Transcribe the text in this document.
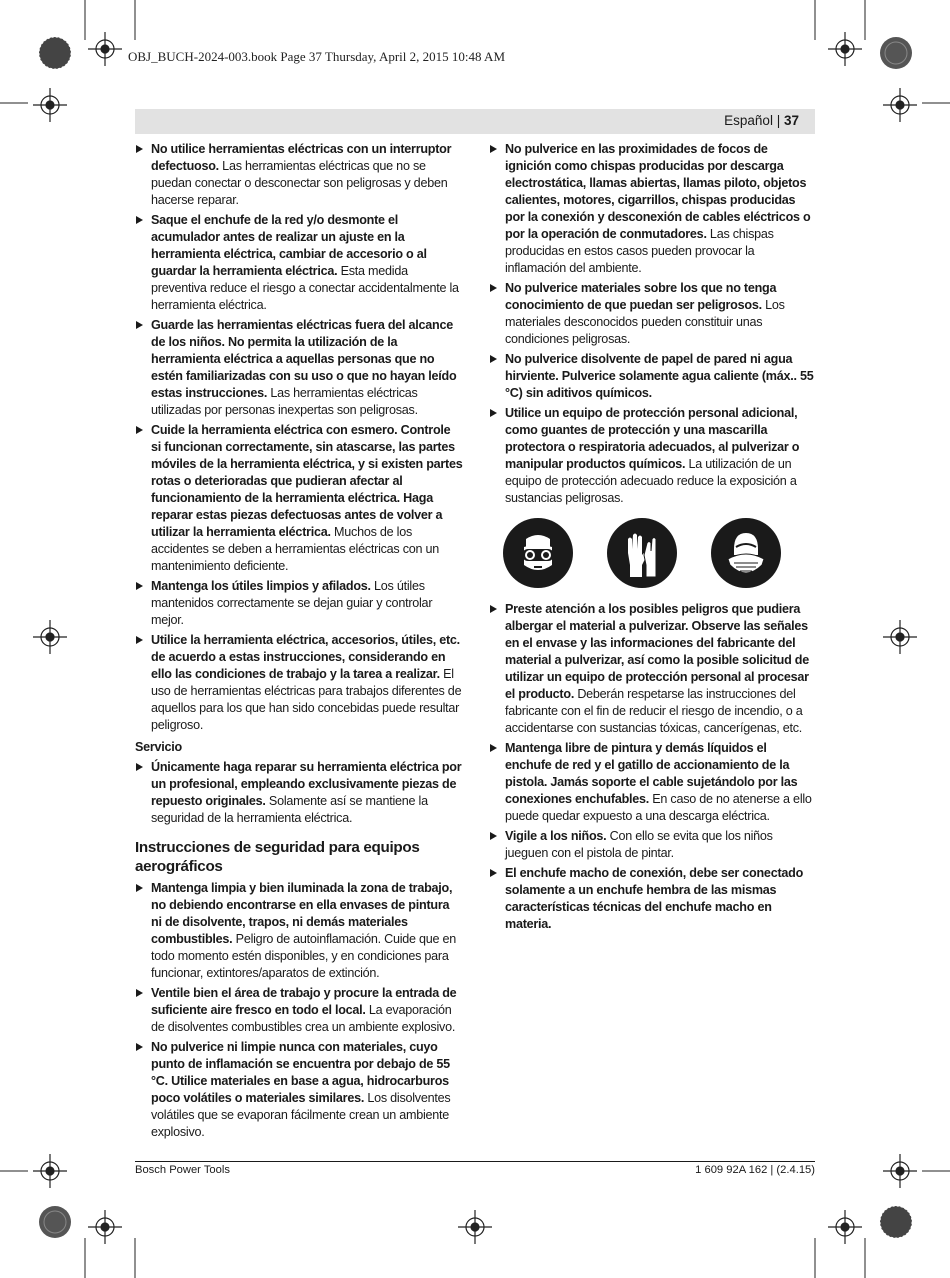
OBJ_BUCH-2024-003.book Page 37 Thursday, April 2, 2015 10:48 AM
Español | 37
No utilice herramientas eléctricas con un interruptor defectuoso. Las herramientas eléctricas que no se puedan conectar o desconectar son peligrosas y deben hacerse reparar.
Saque el enchufe de la red y/o desmonte el acumulador antes de realizar un ajuste en la herramienta eléctrica, cambiar de accesorio o al guardar la herramienta eléctrica. Esta medida preventiva reduce el riesgo a conectar accidentalmente la herramienta eléctrica.
Guarde las herramientas eléctricas fuera del alcance de los niños. No permita la utilización de la herramienta eléctrica a aquellas personas que no estén familiarizadas con su uso o que no hayan leído estas instrucciones. Las herramientas eléctricas utilizadas por personas inexpertas son peligrosas.
Cuide la herramienta eléctrica con esmero. Controle si funcionan correctamente, sin atascarse, las partes móviles de la herramienta eléctrica, y si existen partes rotas o deterioradas que pudieran afectar al funcionamiento de la herramienta eléctrica. Haga reparar estas piezas defectuosas antes de volver a utilizar la herramienta eléctrica. Muchos de los accidentes se deben a herramientas eléctricas con un mantenimiento deficiente.
Mantenga los útiles limpios y afilados. Los útiles mantenidos correctamente se dejan guiar y controlar mejor.
Utilice la herramienta eléctrica, accesorios, útiles, etc. de acuerdo a estas instrucciones, considerando en ello las condiciones de trabajo y la tarea a realizar. El uso de herramientas eléctricas para trabajos diferentes de aquellos para los que han sido concebidas puede resultar peligroso.
Servicio
Únicamente haga reparar su herramienta eléctrica por un profesional, empleando exclusivamente piezas de repuesto originales. Solamente así se mantiene la seguridad de la herramienta eléctrica.
Instrucciones de seguridad para equipos aerográficos
Mantenga limpia y bien iluminada la zona de trabajo, no debiendo encontrarse en ella envases de pintura ni de disolvente, trapos, ni demás materiales combustibles. Peligro de autoinflamación. Cuide que en todo momento estén disponibles, y en condiciones para funcionar, extintores/aparatos de extinción.
Ventile bien el área de trabajo y procure la entrada de suficiente aire fresco en todo el local. La evaporación de disolventes combustibles crea un ambiente explosivo.
No pulverice ni limpie nunca con materiales, cuyo punto de inflamación se encuentra por debajo de 55 °C. Utilice materiales en base a agua, hidrocarburos poco volátiles o materiales similares. Los disolventes volátiles que se evaporan fácilmente crean un ambiente explosivo.
No pulverice en las proximidades de focos de ignición como chispas producidas por descarga electrostática, llamas abiertas, llamas piloto, objetos calientes, motores, cigarrillos, chispas producidas por la conexión y desconexión de cables eléctricos o por la operación de conmutadores. Las chispas producidas en estos casos pueden provocar la inflamación del ambiente.
No pulverice materiales sobre los que no tenga conocimiento de que puedan ser peligrosos. Los materiales desconocidos pueden constituir unas condiciones peligrosas.
No pulverice disolvente de papel de pared ni agua hirviente. Pulverice solamente agua caliente (máx.. 55 °C) sin aditivos químicos.
Utilice un equipo de protección personal adicional, como guantes de protección y una mascarilla protectora o respiratoria adecuados, al pulverizar o manipular productos químicos. La utilización de un equipo de protección adecuado reduce la exposición a sustancias peligrosas.
Preste atención a los posibles peligros que pudiera albergar el material a pulverizar. Observe las señales en el envase y las informaciones del fabricante del material a pulverizar, así como la posible solicitud de utilizar un equipo de protección personal al procesar el producto. Deberán respetarse las instrucciones del fabricante con el fin de reducir el riesgo de incendio, o a accidentarse con sustancias tóxicas, cancerígenas, etc.
Mantenga libre de pintura y demás líquidos el enchufe de red y el gatillo de accionamiento de la pistola. Jamás soporte el cable sujetándolo por las conexiones enchufables. En caso de no atenerse a ello puede quedar expuesto a una descarga eléctrica.
Vigile a los niños. Con ello se evita que los niños jueguen con el pistola de pintar.
El enchufe macho de conexión, debe ser conectado solamente a un enchufe hembra de las mismas características técnicas del enchufe macho en materia.
Bosch Power Tools	1 609 92A 162 | (2.4.15)
